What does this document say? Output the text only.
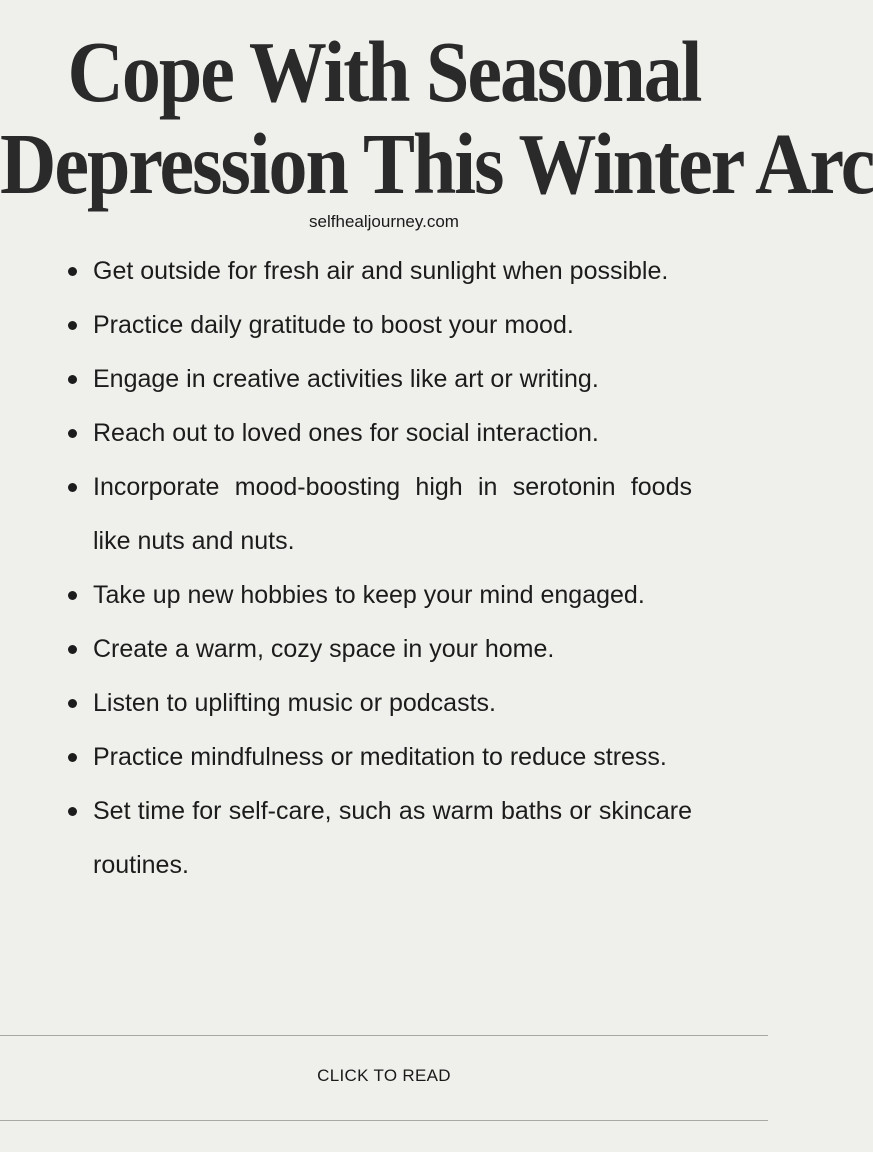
Cope With Seasonal
Depression This Winter Arc
selfhealjourney.com
Get outside for fresh air and sunlight when possible.
Practice daily gratitude to boost your mood.
Engage in creative activities like art or writing.
Reach out to loved ones for social interaction.
Incorporate mood-boosting high in serotonin foods like nuts and nuts.
Take up new hobbies to keep your mind engaged.
Create a warm, cozy space in your home.
Listen to uplifting music or podcasts.
Practice mindfulness or meditation to reduce stress.
Set time for self-care, such as warm baths or skincare routines.
CLICK TO READ
